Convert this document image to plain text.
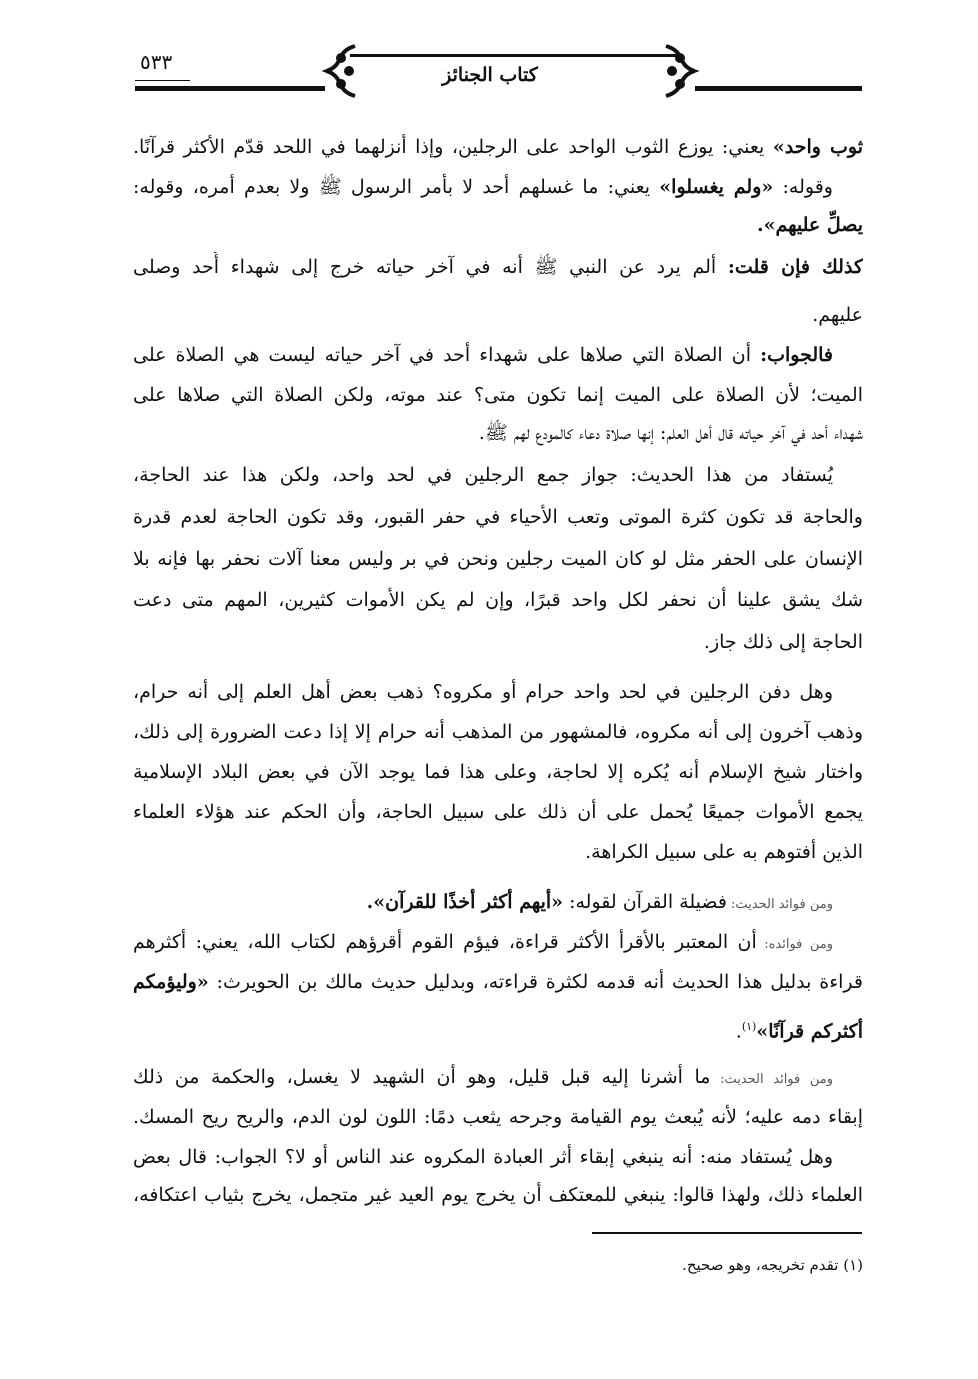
٥٣٣
كتاب الجنائز
ثوب واحد» يعني: يوزع الثوب الواحد على الرجلين، وإذا أنزلهما في اللحد قدّم الأكثر قرآنًا.
وقوله: «ولم يغسلوا» يعني: ما غسلهم أحد لا بأمر الرسول ﷺ ولا بعدم أمره، وقوله:
يصلِّ عليهم».
كذلك فإن قلت: ألم يرد عن النبي ﷺ أنه في آخر حياته خرج إلى شهداء أُحد وصلى
عليهم.
فالجواب: أن الصلاة التي صلاها على شهداء أحد في آخر حياته ليست هي الصلاة على
الميت؛ لأن الصلاة على الميت إنما تكون متى؟ عند موته، ولكن الصلاة التي صلاها على
شهداء أحد في آخر حياته قال أهل العلم: إنها صلاة دعاء كالمودع لهم ﷺ.
يُستفاد من هذا الحديث: جواز جمع الرجلين في لحد واحد، ولكن هذا عند الحاجة،
والحاجة قد تكون كثرة الموتى وتعب الأحياء في حفر القبور، وقد تكون الحاجة لعدم قدرة
الإنسان على الحفر مثل لو كان الميت رجلين ونحن في بر وليس معنا آلات نحفر بها فإنه بلا
شك يشق علينا أن نحفر لكل واحد قبرًا، وإن لم يكن الأموات كثيرين، المهم متى دعت
الحاجة إلى ذلك جاز.
وهل دفن الرجلين في لحد واحد حرام أو مكروه؟ ذهب بعض أهل العلم إلى أنه حرام،
وذهب آخرون إلى أنه مكروه، فالمشهور من المذهب أنه حرام إلا إذا دعت الضرورة إلى ذلك،
واختار شيخ الإسلام أنه يُكره إلا لحاجة، وعلى هذا فما يوجد الآن في بعض البلاد الإسلامية
يجمع الأموات جميعًا يُحمل على أن ذلك على سبيل الحاجة، وأن الحكم عند هؤلاء العلماء
الذين أفتوهم به على سبيل الكراهة.
ومن فوائد الحديث: فضيلة القرآن لقوله: «أيهم أكثر أخذًا للقرآن».
ومن فوائده: أن المعتبر بالأقرأ الأكثر قراءة، فيؤم القوم أقرؤهم لكتاب الله، يعني: أكثرهم
قراءة بدليل هذا الحديث أنه قدمه لكثرة قراءته، وبدليل حديث مالك بن الحويرث: «وليؤمكم
أكثركم قرآنًا»$^{(١)}$.
ومن فوائد الحديث: ما أشرنا إليه قبل قليل، وهو أن الشهيد لا يغسل، والحكمة من ذلك
إبقاء دمه عليه؛ لأنه يُبعث يوم القيامة وجرحه يثعب دمًا: اللون لون الدم، والريح ريح المسك.
وهل يُستفاد منه: أنه ينبغي إبقاء أثر العبادة المكروه عند الناس أو لا؟ الجواب: قال بعض
العلماء ذلك، ولهذا قالوا: ينبغي للمعتكف أن يخرج يوم العيد غير متجمل، يخرج بثياب اعتكافه،
(١) تقدم تخريجه، وهو صحيح.
